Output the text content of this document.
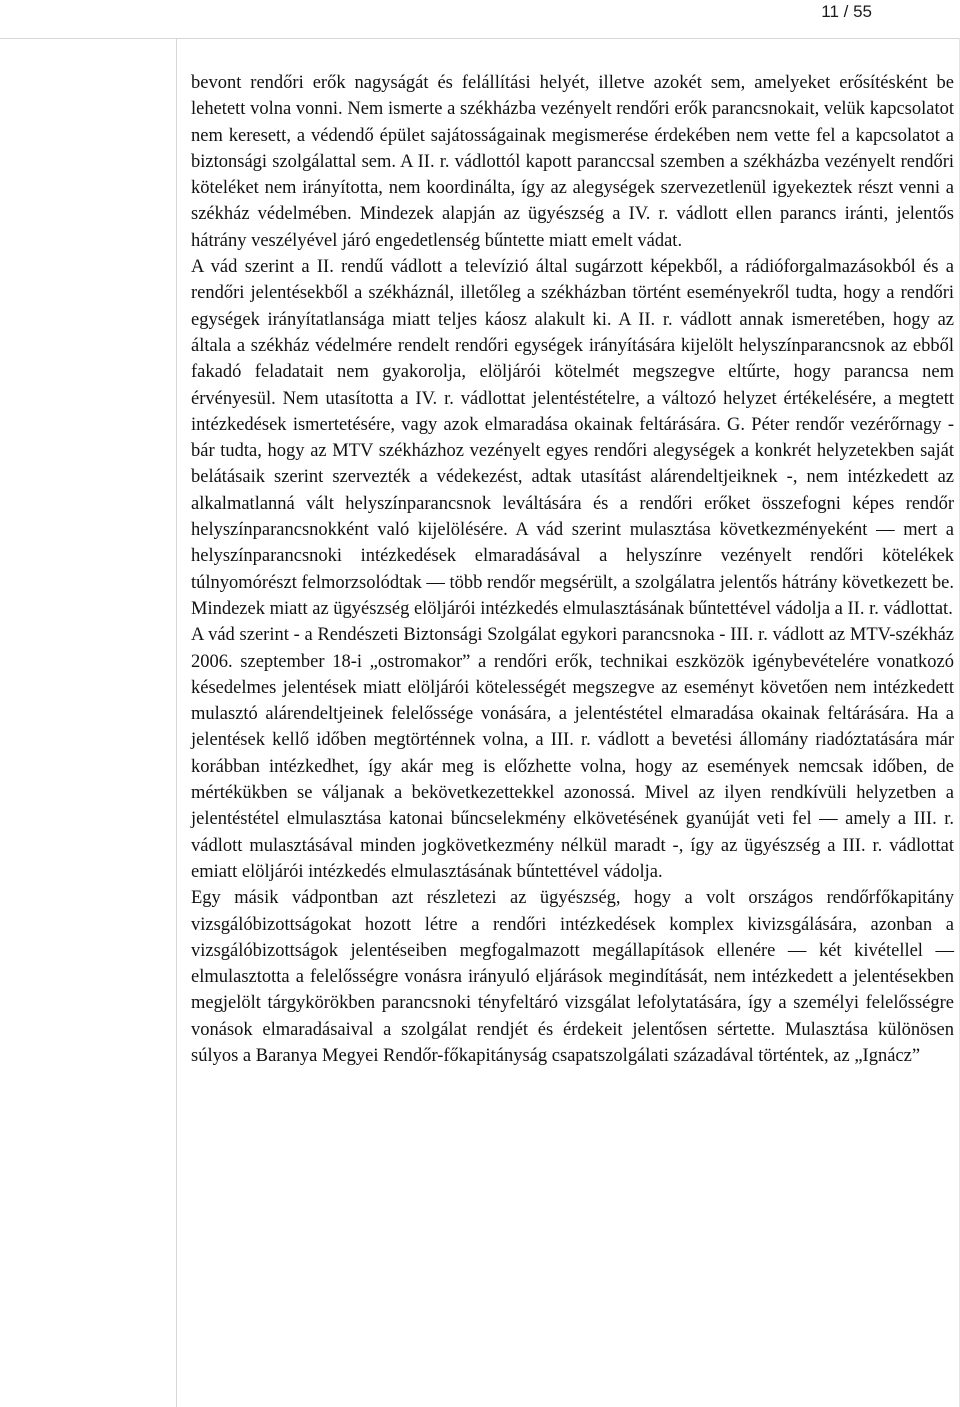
11 / 55

bevont rendőri erők nagyságát és felállítási helyét, illetve azokét sem, amelyeket erősítésként be lehetett volna vonni. Nem ismerte a székházba vezényelt rendőri erők parancsnokait, velük kapcsolatot nem keresett, a védendő épület sajátosságainak megismerése érdekében nem vette fel a kapcsolatot a biztonsági szolgálattal sem. A II. r. vádlottól kapott paranccsal szemben a székházba vezényelt rendőri köteléket nem irányította, nem koordinálta, így az alegységek szervezetlenül igyekeztek részt venni a székház védelmében. Mindezek alapján az ügyészség a IV. r. vádlott ellen parancs iránti, jelentős hátrány veszélyével járó engedetlenség bűntette miatt emelt vádat.

A vád szerint a II. rendű vádlott a televízió által sugárzott képekből, a rádióforgalmazásokból és a rendőri jelentésekből a székháznál, illetőleg a székházban történt eseményekről tudta, hogy a rendőri egységek irányítatlansága miatt teljes káosz alakult ki. A II. r. vádlott annak ismeretében, hogy az általa a székház védelmére rendelt rendőri egységek irányítására kijelölt helyszínparancsnok az ebből fakadó feladatait nem gyakorolja, elöljárói kötelmét megszegve eltűrte, hogy parancsa nem érvényesül. Nem utasította a IV. r. vádlottat jelentéstételre, a változó helyzet értékelésére, a megtett intézkedések ismertetésére, vagy azok elmaradása okainak feltárására. G. Péter rendőr vezérőrnagy - bár tudta, hogy az MTV székházhoz vezényelt egyes rendőri alegységek a konkrét helyzetekben saját belátásaik szerint szervezték a védekezést, adtak utasítást alárendeltjeiknek -, nem intézkedett az alkalmatlanná vált helyszínparancsnok leváltására és a rendőri erőket összefogni képes rendőr helyszínparancsnokként való kijelölésére. A vád szerint mulasztása következményeként — mert a helyszínparancsnoki intézkedések elmaradásával a helyszínre vezényelt rendőri kötelékek túlnyomórészt felmorzsolódtak — több rendőr megsérült, a szolgálatra jelentős hátrány következett be. Mindezek miatt az ügyészség elöljárói intézkedés elmulasztásának bűntettével vádolja a II. r. vádlottat.

A vád szerint - a Rendészeti Biztonsági Szolgálat egykori parancsnoka - III. r. vádlott az MTV-székház 2006. szeptember 18-i „ostromakor” a rendőri erők, technikai eszközök igénybevételére vonatkozó késedelmes jelentések miatt elöljárói kötelességét megszegve az eseményt követően nem intézkedett mulasztó alárendeltjeinek felelőssége vonására, a jelentéstétel elmaradása okainak feltárására. Ha a jelentések kellő időben megtörténnek volna, a III. r. vádlott a bevetési állomány riadóztatására már korábban intézkedhet, így akár meg is előzhette volna, hogy az események nemcsak időben, de mértékükben se váljanak a bekövetkezettekkel azonossá. Mivel az ilyen rendkívüli helyzetben a jelentéstétel elmulasztása katonai bűncselekmény elkövetésének gyanúját veti fel — amely a III. r. vádlott mulasztásával minden jogkövetkezmény nélkül maradt -, így az ügyészség a III. r. vádlottat emiatt elöljárói intézkedés elmulasztásának bűntettével vádolja.

Egy másik vádpontban azt részletezi az ügyészség, hogy a volt országos rendőrfőkapitány vizsgálóbizottságokat hozott létre a rendőri intézkedések komplex kivizsgálására, azonban a vizsgálóbizottságok jelentéseiben megfogalmazott megállapítások ellenére — két kivétellel — elmulasztotta a felelősségre vonásra irányuló eljárások megindítását, nem intézkedett a jelentésekben megjelölt tárgykörökben parancsnoki tényfeltáró vizsgálat lefolytatására, így a személyi felelősségre vonások elmaradásaival a szolgálat rendjét és érdekeit jelentősen sértette. Mulasztása különösen súlyos a Baranya Megyei Rendőr-főkapitányság csapatszolgálati századával történtek, az „Ignácz”
